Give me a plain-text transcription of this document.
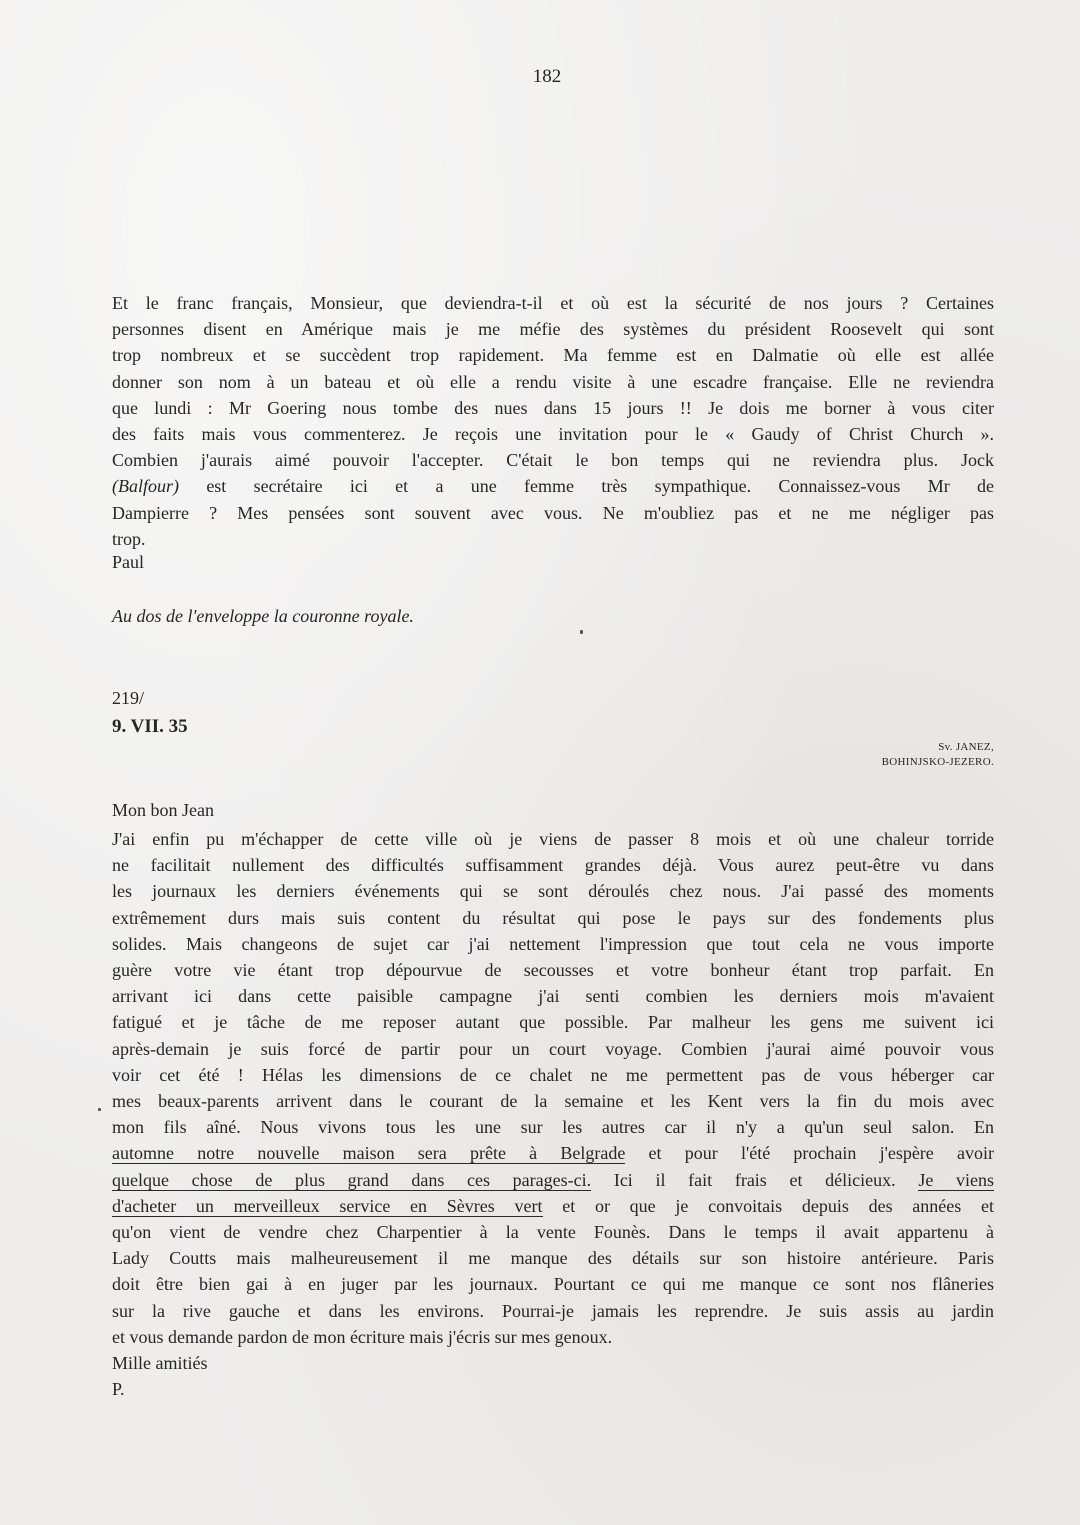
182
Et le franc français, Monsieur, que deviendra-t-il et où est la sécurité de nos jours ? Certaines
personnes disent en Amérique mais je me méfie des systèmes du président Roosevelt qui sont
trop nombreux et se succèdent trop rapidement. Ma femme est en Dalmatie où elle est allée
donner son nom à un bateau et où elle a rendu visite à une escadre française. Elle ne reviendra
que lundi : Mr Goering nous tombe des nues dans 15 jours !! Je dois me borner à vous citer
des faits mais vous commenterez. Je reçois une invitation pour le « Gaudy of Christ Church ».
Combien j'aurais aimé pouvoir l'accepter. C'était le bon temps qui ne reviendra plus. Jock
(Balfour) est secrétaire ici et a une femme très sympathique. Connaissez-vous Mr de
Dampierre ? Mes pensées sont souvent avec vous. Ne m'oubliez pas et ne me négliger pas
trop.
Paul
Au dos de l'enveloppe la couronne royale.
219/
9. VII. 35
Sv. JANEZ,
BOHINJSKO-JEZERO.
Mon bon Jean
J'ai enfin pu m'échapper de cette ville où je viens de passer 8 mois et où une chaleur torride
ne facilitait nullement des difficultés suffisamment grandes déjà. Vous aurez peut-être vu dans
les journaux les derniers événements qui se sont déroulés chez nous. J'ai passé des moments
extrêmement durs mais suis content du résultat qui pose le pays sur des fondements plus
solides. Mais changeons de sujet car j'ai nettement l'impression que tout cela ne vous importe
guère votre vie étant trop dépourvue de secousses et votre bonheur étant trop parfait. En
arrivant ici dans cette paisible campagne j'ai senti combien les derniers mois m'avaient
fatigué et je tâche de me reposer autant que possible. Par malheur les gens me suivent ici
après-demain je suis forcé de partir pour un court voyage. Combien j'aurai aimé pouvoir vous
voir cet été ! Hélas les dimensions de ce chalet ne me permettent pas de vous héberger car
mes beaux-parents arrivent dans le courant de la semaine et les Kent vers la fin du mois avec
mon fils aîné. Nous vivons tous les une sur les autres car il n'y a qu'un seul salon. En
automne notre nouvelle maison sera prête à Belgrade et pour l'été prochain j'espère avoir
quelque chose de plus grand dans ces parages-ci. Ici il fait frais et délicieux. Je viens
d'acheter un merveilleux service en Sèvres vert et or que je convoitais depuis des années et
qu'on vient de vendre chez Charpentier à la vente Founès. Dans le temps il avait appartenu à
Lady Coutts mais malheureusement il me manque des détails sur son histoire antérieure. Paris
doit être bien gai à en juger par les journaux. Pourtant ce qui me manque ce sont nos flâneries
sur la rive gauche et dans les environs. Pourrai-je jamais les reprendre. Je suis assis au jardin
et vous demande pardon de mon écriture mais j'écris sur mes genoux.
Mille amitiés
P.
